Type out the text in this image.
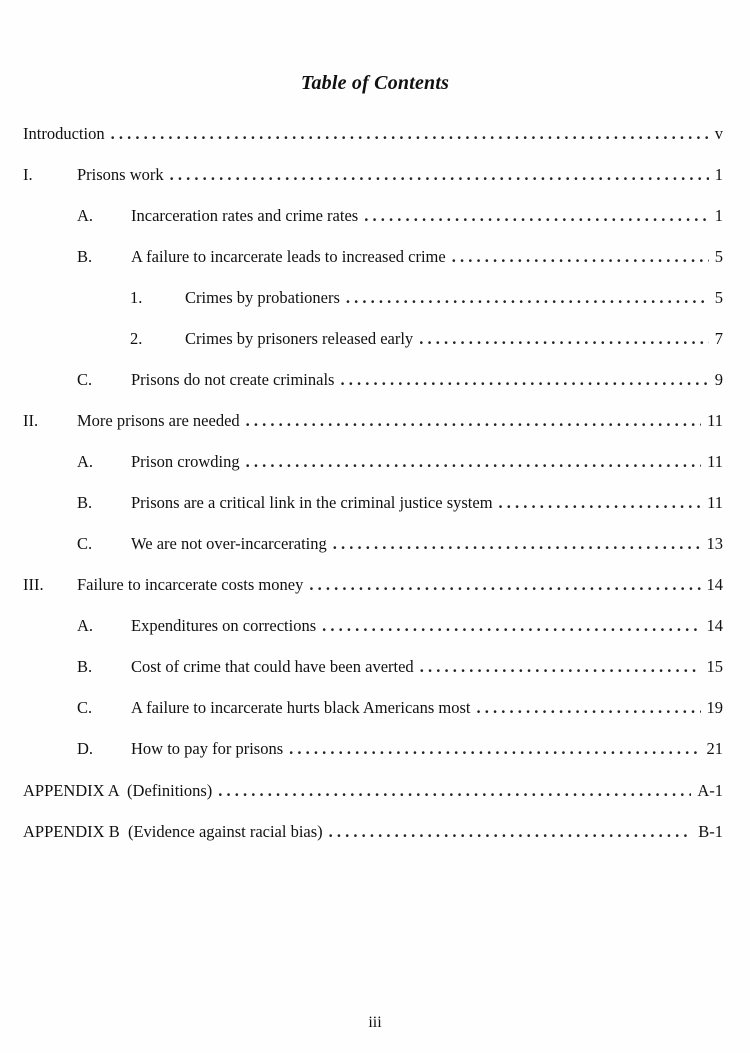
Table of Contents
Introduction . . .	v
I.	Prisons work . . .	1
A.	Incarceration rates and crime rates . . .	1
B.	A failure to incarcerate leads to increased crime . . .	5
1.	Crimes by probationers . . .	5
2.	Crimes by prisoners released early . . .	7
C.	Prisons do not create criminals . . .	9
II.	More prisons are needed . . .	11
A.	Prison crowding . . .	11
B.	Prisons are a critical link in the criminal justice system . . .	11
C.	We are not over-incarcerating . . .	13
III.	Failure to incarcerate costs money . . .	14
A.	Expenditures on corrections . . .	14
B.	Cost of crime that could have been averted . . .	15
C.	A failure to incarcerate hurts black Americans most . . .	19
D.	How to pay for prisons . . .	21
APPENDIX A  (Definitions) . . .	A-1
APPENDIX B  (Evidence against racial bias) . . .	B-1
iii
